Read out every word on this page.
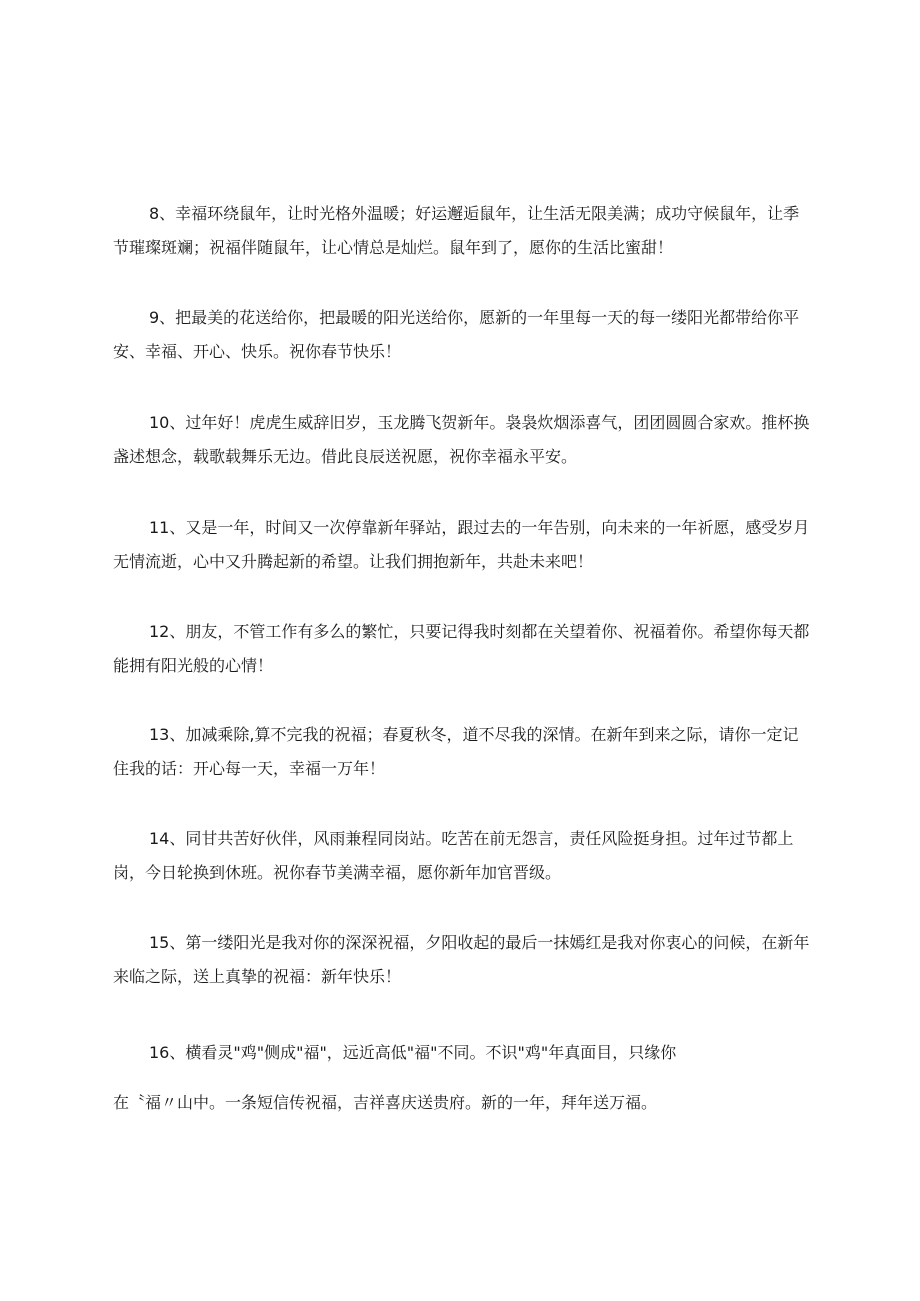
8、幸福环绕鼠年，让时光格外温暖；好运邂逅鼠年，让生活无限美满；成功守候鼠年，让季节璀璨斑斓；祝福伴随鼠年，让心情总是灿烂。鼠年到了，愿你的生活比蜜甜！

9、把最美的花送给你，把最暖的阳光送给你，愿新的一年里每一天的每一缕阳光都带给你平安、幸福、开心、快乐。祝你春节快乐！

10、过年好！虎虎生威辞旧岁，玉龙腾飞贺新年。袅袅炊烟添喜气，团团圆圆合家欢。推杯换盏述想念，载歌载舞乐无边。借此良辰送祝愿，祝你幸福永平安。

11、又是一年，时间又一次停靠新年驿站，跟过去的一年告别，向未来的一年祈愿，感受岁月无情流逝，心中又升腾起新的希望。让我们拥抱新年，共赴未来吧！

12、朋友，不管工作有多么的繁忙，只要记得我时刻都在关望着你、祝福着你。希望你每天都能拥有阳光般的心情！

13、加减乘除,算不完我的祝福；春夏秋冬，道不尽我的深情。在新年到来之际，请你一定记住我的话：开心每一天，幸福一万年！

14、同甘共苦好伙伴，风雨兼程同岗站。吃苦在前无怨言，责任风险挺身担。过年过节都上岗，今日轮换到休班。祝你春节美满幸福，愿你新年加官晋级。

15、第一缕阳光是我对你的深深祝福，夕阳收起的最后一抹嫣红是我对你衷心的问候，在新年来临之际，送上真挚的祝福：新年快乐！

16、横看灵"鸡"侧成"福"，远近高低"福"不同。不识"鸡"年真面目，只缘你

在〝福〃山中。一条短信传祝福，吉祥喜庆送贵府。新的一年，拜年送万福。
